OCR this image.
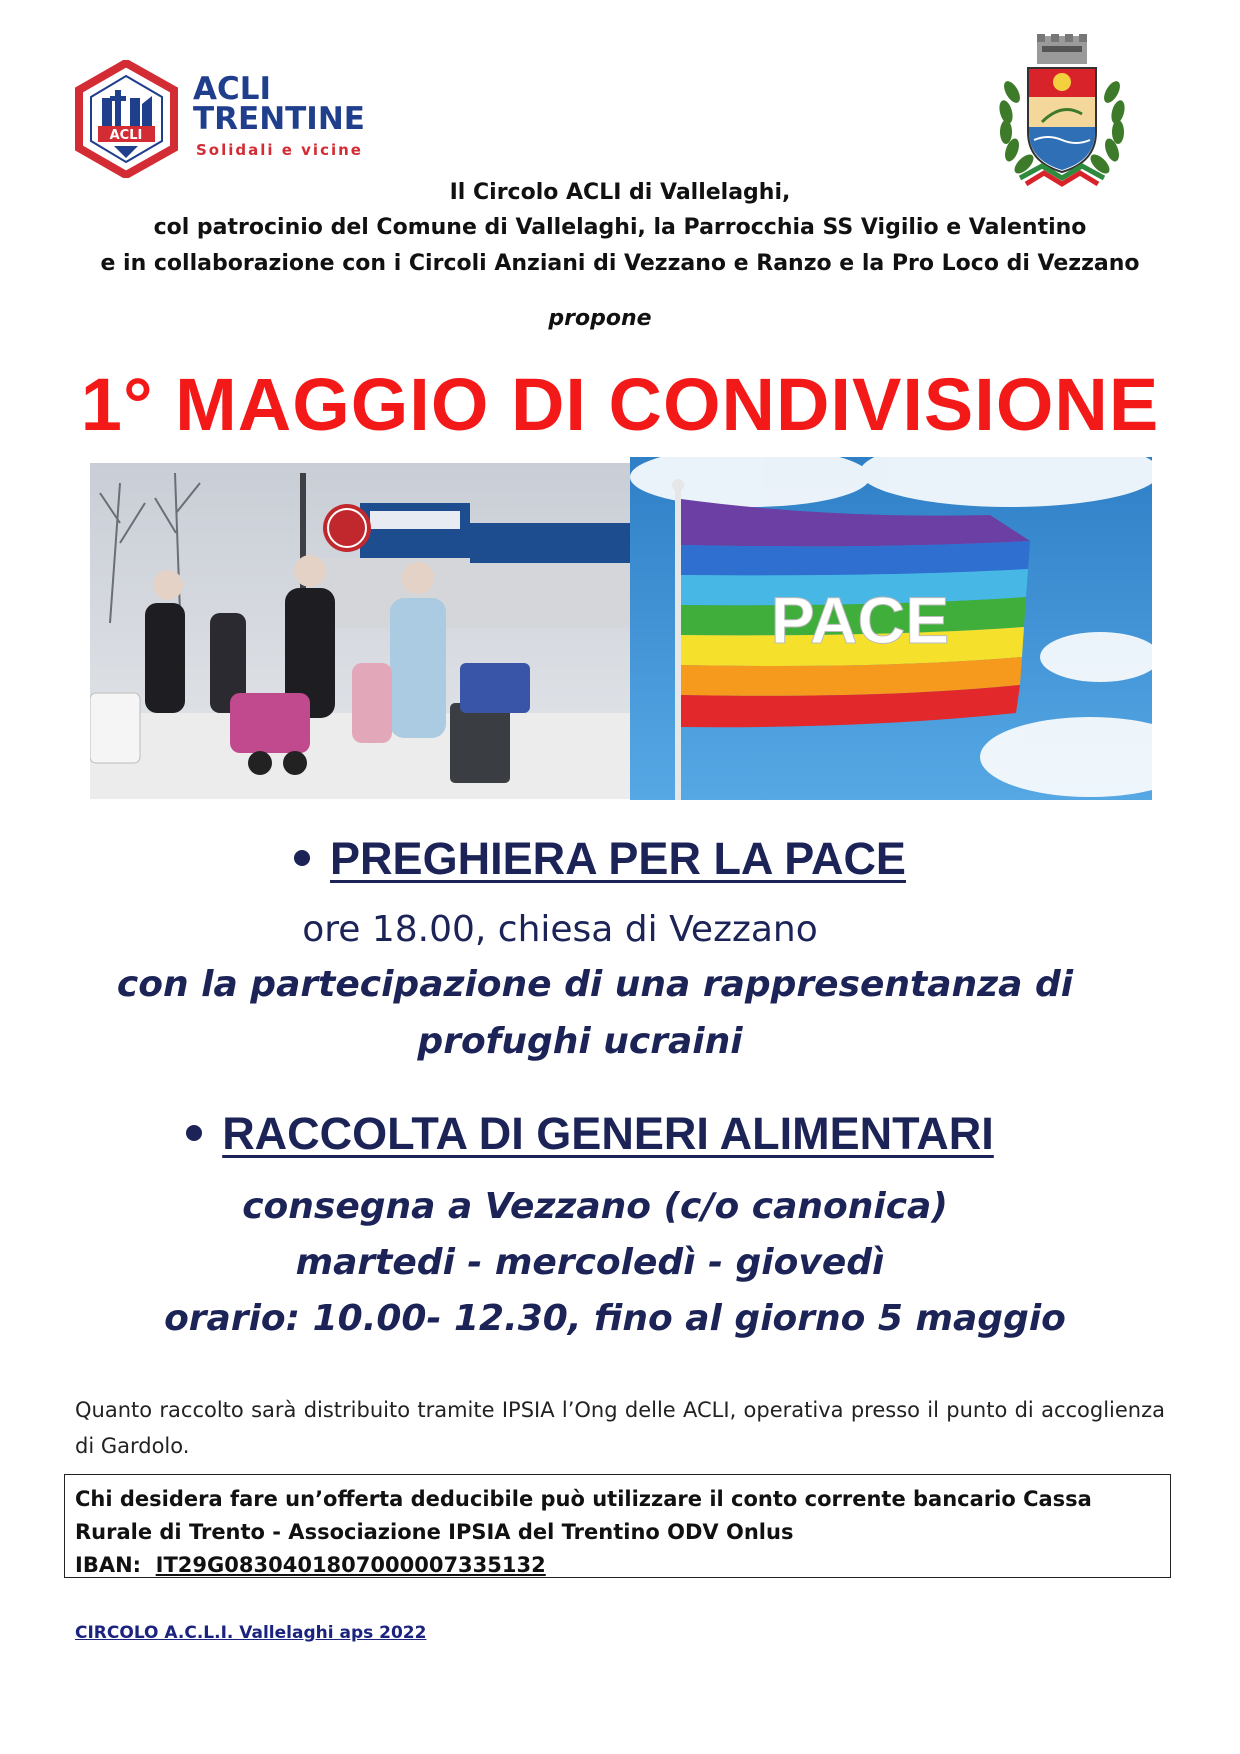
ACLI
ACLI
TRENTINE
Solidali e vicine
Il Circolo ACLI di Vallelaghi,
col patrocinio del Comune di Vallelaghi, la Parrocchia SS Vigilio e Valentino
e in collaborazione con i Circoli Anziani di Vezzano e Ranzo e la Pro Loco di Vezzano
propone
1° MAGGIO DI CONDIVISIONE
PACE
PREGHIERA PER LA PACE
ore 18.00, chiesa di Vezzano
con la partecipazione di una rappresentanza di
profughi ucraini
RACCOLTA DI GENERI ALIMENTARI
consegna a Vezzano (c/o canonica)
martedi - mercoledì - giovedì
orario: 10.00- 12.30, fino al giorno 5 maggio
Quanto raccolto sarà distribuito tramite IPSIA l’Ong delle ACLI, operativa presso il punto di accoglienza di Gardolo.
Chi desidera fare un’offerta deducibile può utilizzare il conto corrente bancario Cassa
Rurale di Trento - Associazione IPSIA del Trentino ODV Onlus
IBAN: IT29G0830401807000007335132
CIRCOLO A.C.L.I. Vallelaghi aps 2022
